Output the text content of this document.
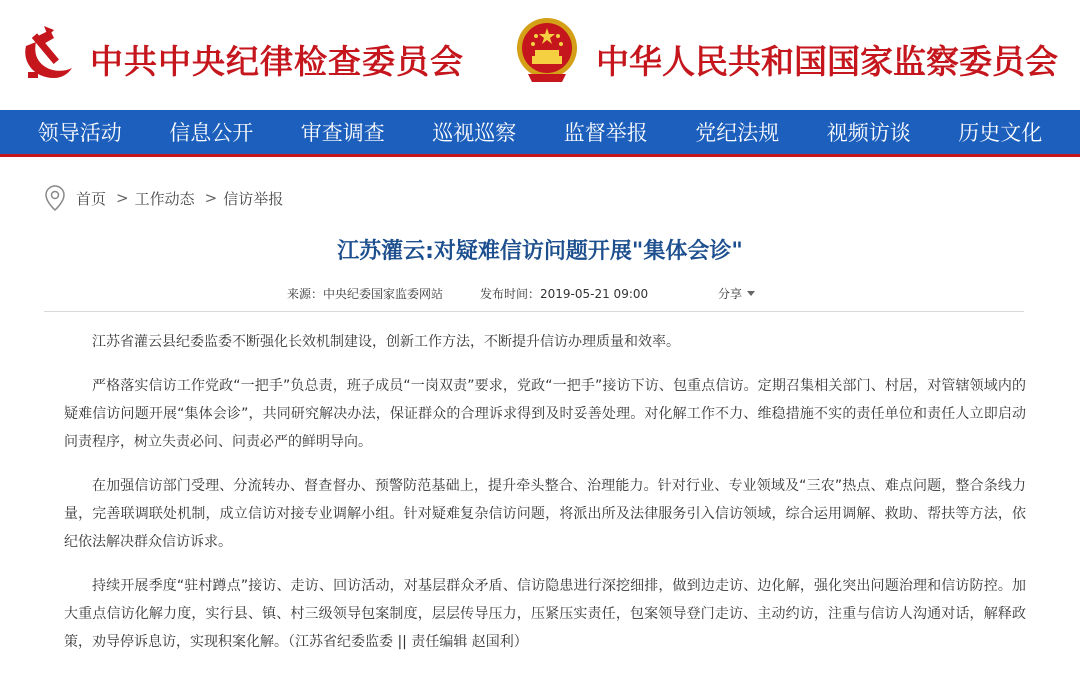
中共中央纪律检查委员会	中华人民共和国国家监察委员会
领导活动 信息公开 审查调查 巡视巡察 监督举报 党纪法规 视频访谈 历史文化
首页 > 工作动态 > 信访举报
江苏灌云:对疑难信访问题开展"集体会诊"
来源：中央纪委国家监委网站	发布时间：2019-05-21 09:00	分享

江苏省灌云县纪委监委不断强化长效机制建设，创新工作方法，不断提升信访办理质量和效率。

严格落实信访工作党政“一把手”负总责，班子成员“一岗双责”要求，党政“一把手”接访下访、包重点信访。定期召集相关部门、村居，对管辖领域内的疑难信访问题开展“集体会诊”，共同研究解决办法，保证群众的合理诉求得到及时妥善处理。对化解工作不力、维稳措施不实的责任单位和责任人立即启动问责程序，树立失责必问、问责必严的鲜明导向。

在加强信访部门受理、分流转办、督查督办、预警防范基础上，提升牵头整合、治理能力。针对行业、专业领域及“三农”热点、难点问题，整合条线力量，完善联调联处机制，成立信访对接专业调解小组。针对疑难复杂信访问题，将派出所及法律服务引入信访领域，综合运用调解、救助、帮扶等方法，依纪依法解决群众信访诉求。

持续开展季度“驻村蹲点”接访、走访、回访活动，对基层群众矛盾、信访隐患进行深挖细排，做到边走访、边化解，强化突出问题治理和信访防控。加大重点信访化解力度，实行县、镇、村三级领导包案制度，层层传导压力，压紧压实责任，包案领导登门走访、主动约访，注重与信访人沟通对话，解释政策，劝导停诉息访，实现积案化解。（江苏省纪委监委 || 责任编辑 赵国利）
